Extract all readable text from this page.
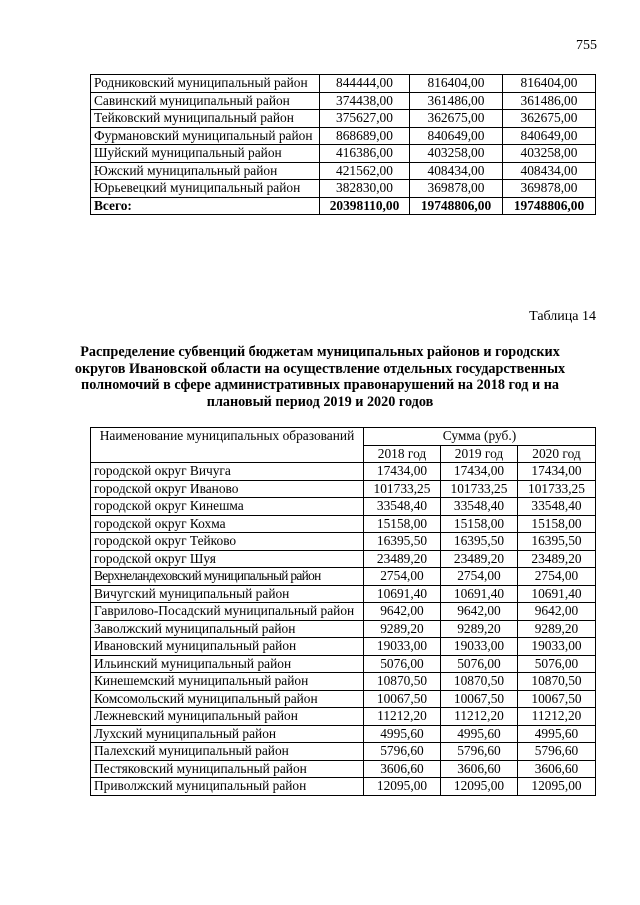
755
Родниковский муниципальный район	844444,00	816404,00	816404,00
Савинский муниципальный район	374438,00	361486,00	361486,00
Тейковский муниципальный район	375627,00	362675,00	362675,00
Фурмановский муниципальный район	868689,00	840649,00	840649,00
Шуйский муниципальный район	416386,00	403258,00	403258,00
Южский муниципальный район	421562,00	408434,00	408434,00
Юрьевецкий муниципальный район	382830,00	369878,00	369878,00
Всего:	20398110,00	19748806,00	19748806,00
Таблица 14
Распределение субвенций бюджетам муниципальных районов и городских округов Ивановской области на осуществление отдельных государственных полномочий в сфере административных правонарушений на 2018 год и на плановый период 2019 и 2020 годов
Наименование муниципальных образований	Сумма (руб.)		
	2018 год	2019 год	2020 год
городской округ Вичуга	17434,00	17434,00	17434,00
городской округ Иваново	101733,25	101733,25	101733,25
городской округ Кинешма	33548,40	33548,40	33548,40
городской округ Кохма	15158,00	15158,00	15158,00
городской округ Тейково	16395,50	16395,50	16395,50
городской округ Шуя	23489,20	23489,20	23489,20
Верхнеландеховский муниципальный район	2754,00	2754,00	2754,00
Вичугский муниципальный район	10691,40	10691,40	10691,40
Гаврилово-Посадский муниципальный район	9642,00	9642,00	9642,00
Заволжский муниципальный район	9289,20	9289,20	9289,20
Ивановский муниципальный район	19033,00	19033,00	19033,00
Ильинский муниципальный район	5076,00	5076,00	5076,00
Кинешемский муниципальный район	10870,50	10870,50	10870,50
Комсомольский муниципальный район	10067,50	10067,50	10067,50
Лежневский муниципальный район	11212,20	11212,20	11212,20
Лухский муниципальный район	4995,60	4995,60	4995,60
Палехский муниципальный район	5796,60	5796,60	5796,60
Пестяковский муниципальный район	3606,60	3606,60	3606,60
Приволжский муниципальный район	12095,00	12095,00	12095,00
